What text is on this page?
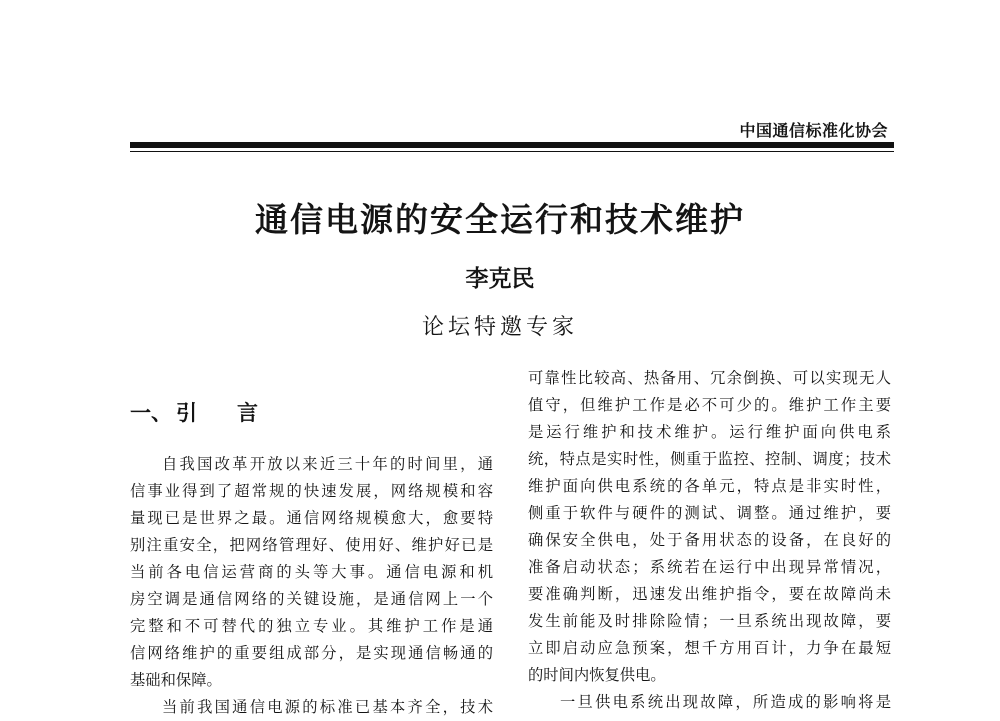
中国通信标准化协会
通信电源的安全运行和技术维护
李克民
论坛特邀专家
一、 引 言
自我国改革开放以来近三十年的时间里，通
信事业得到了超常规的快速发展，网络规模和容
量现已是世界之最。通信网络规模愈大，愈要特
别注重安全，把网络管理好、使用好、维护好已是
当前各电信运营商的头等大事。通信电源和机
房空调是通信网络的关键设施，是通信网上一个
完整和不可替代的独立专业。其维护工作是通
信网络维护的重要组成部分，是实现通信畅通的
基础和保障。
当前我国通信电源的标准已基本齐全，技术
可靠性比较高、热备用、冗余倒换、可以实现无人
值守，但维护工作是必不可少的。维护工作主要
是运行维护和技术维护。运行维护面向供电系
统，特点是实时性，侧重于监控、控制、调度；技术
维护面向供电系统的各单元，特点是非实时性，
侧重于软件与硬件的测试、调整。通过维护，要
确保安全供电，处于备用状态的设备，在良好的
准备启动状态；系统若在运行中出现异常情况，
要准确判断，迅速发出维护指令，要在故障尚未
发生前能及时排除险情；一旦系统出现故障，要
立即启动应急预案，想千方用百计，力争在最短
的时间内恢复供电。
一旦供电系统出现故障，所造成的影响将是
